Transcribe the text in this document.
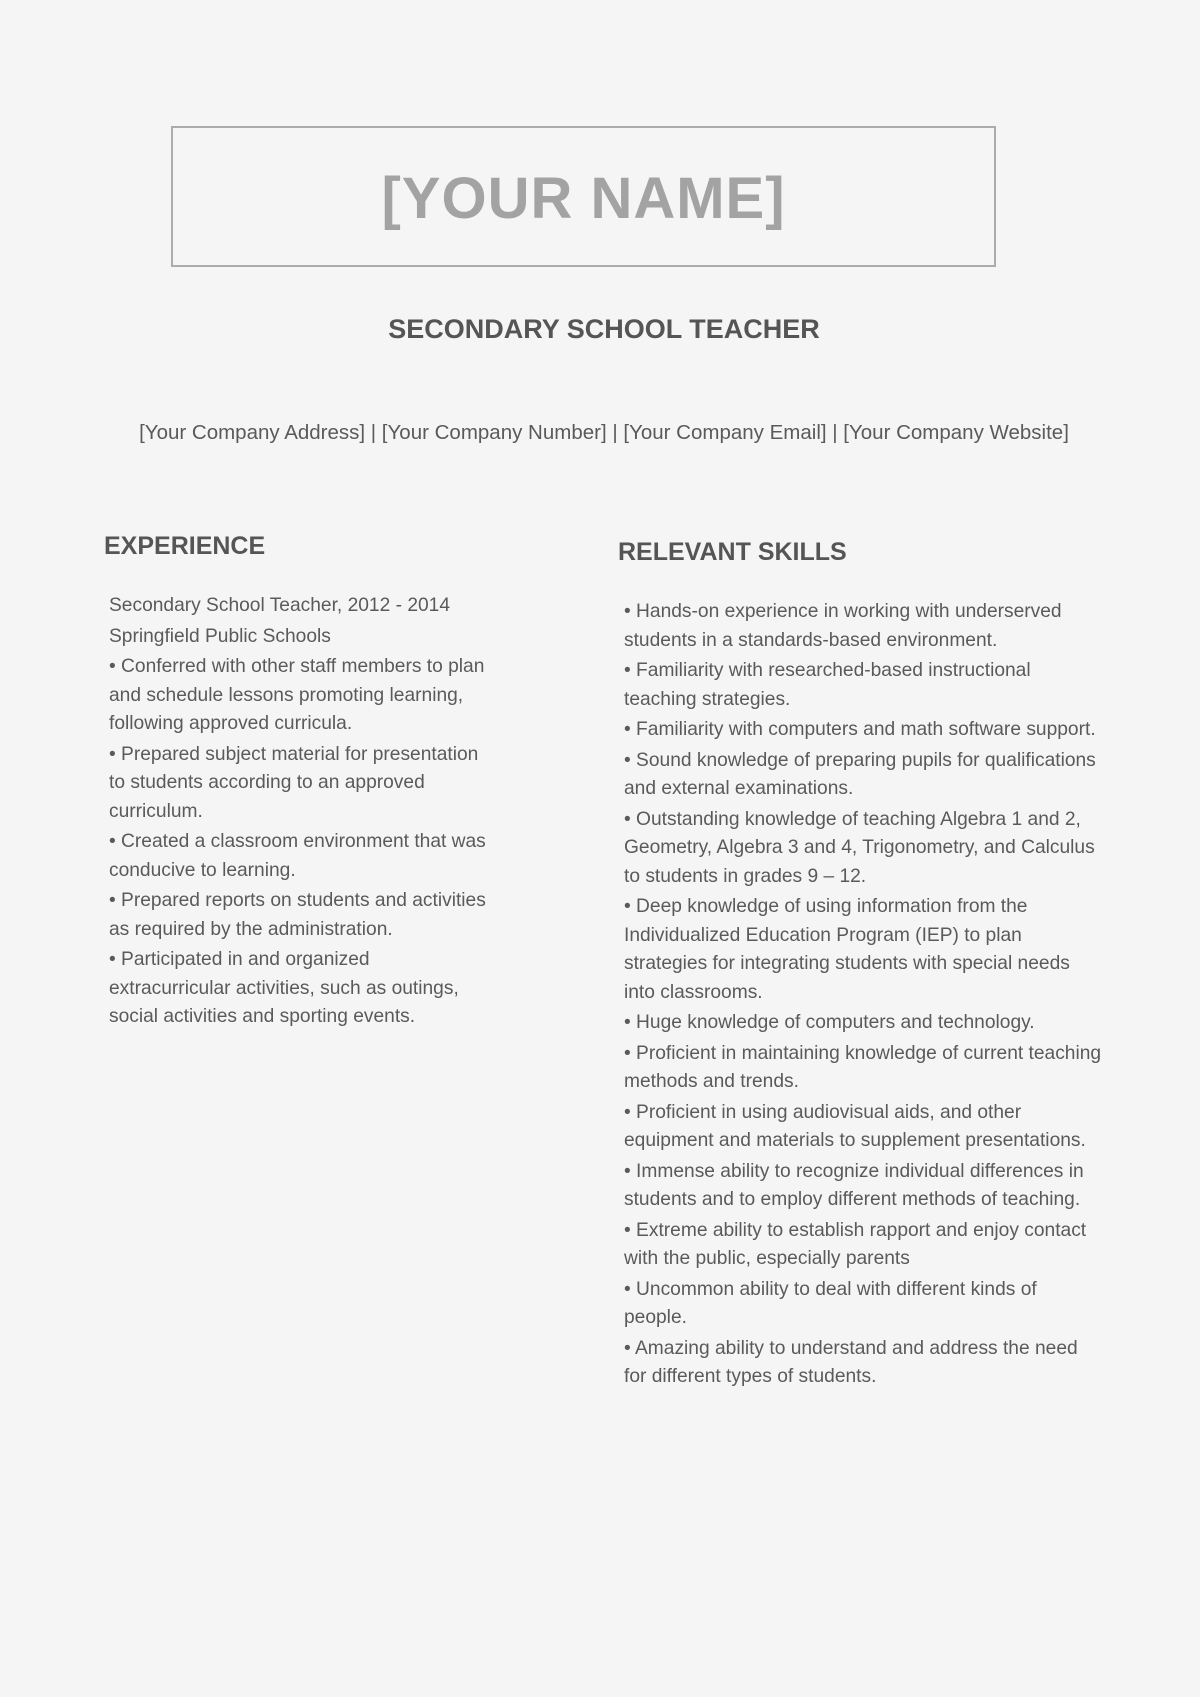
[YOUR NAME]
SECONDARY SCHOOL TEACHER
[Your Company Address] | [Your Company Number] | [Your Company Email] | [Your Company Website]
EXPERIENCE

Secondary School Teacher, 2012 - 2014

Springfield Public Schools

• Conferred with other staff members to plan and schedule lessons promoting learning, following approved curricula.
• Prepared subject material for presentation to students according to an approved curriculum.
• Created a classroom environment that was conducive to learning.
• Prepared reports on students and activities as required by the administration.
• Participated in and organized extracurricular activities, such as outings, social activities and sporting events.
RELEVANT SKILLS
• Hands-on experience in working with underserved students in a standards-based environment.
• Familiarity with researched-based instructional teaching strategies.
• Familiarity with computers and math software support.
• Sound knowledge of preparing pupils for qualifications and external examinations.
• Outstanding knowledge of teaching Algebra 1 and 2, Geometry, Algebra 3 and 4, Trigonometry, and Calculus to students in grades 9 – 12.
• Deep knowledge of using information from the Individualized Education Program (IEP) to plan strategies for integrating students with special needs into classrooms.
• Huge knowledge of computers and technology.
• Proficient in maintaining knowledge of current teaching methods and trends.
• Proficient in using audiovisual aids, and other equipment and materials to supplement presentations.
• Immense ability to recognize individual differences in students and to employ different methods of teaching.
• Extreme ability to establish rapport and enjoy contact with the public, especially parents
• Uncommon ability to deal with different kinds of people.
• Amazing ability to understand and address the need for different types of students.
